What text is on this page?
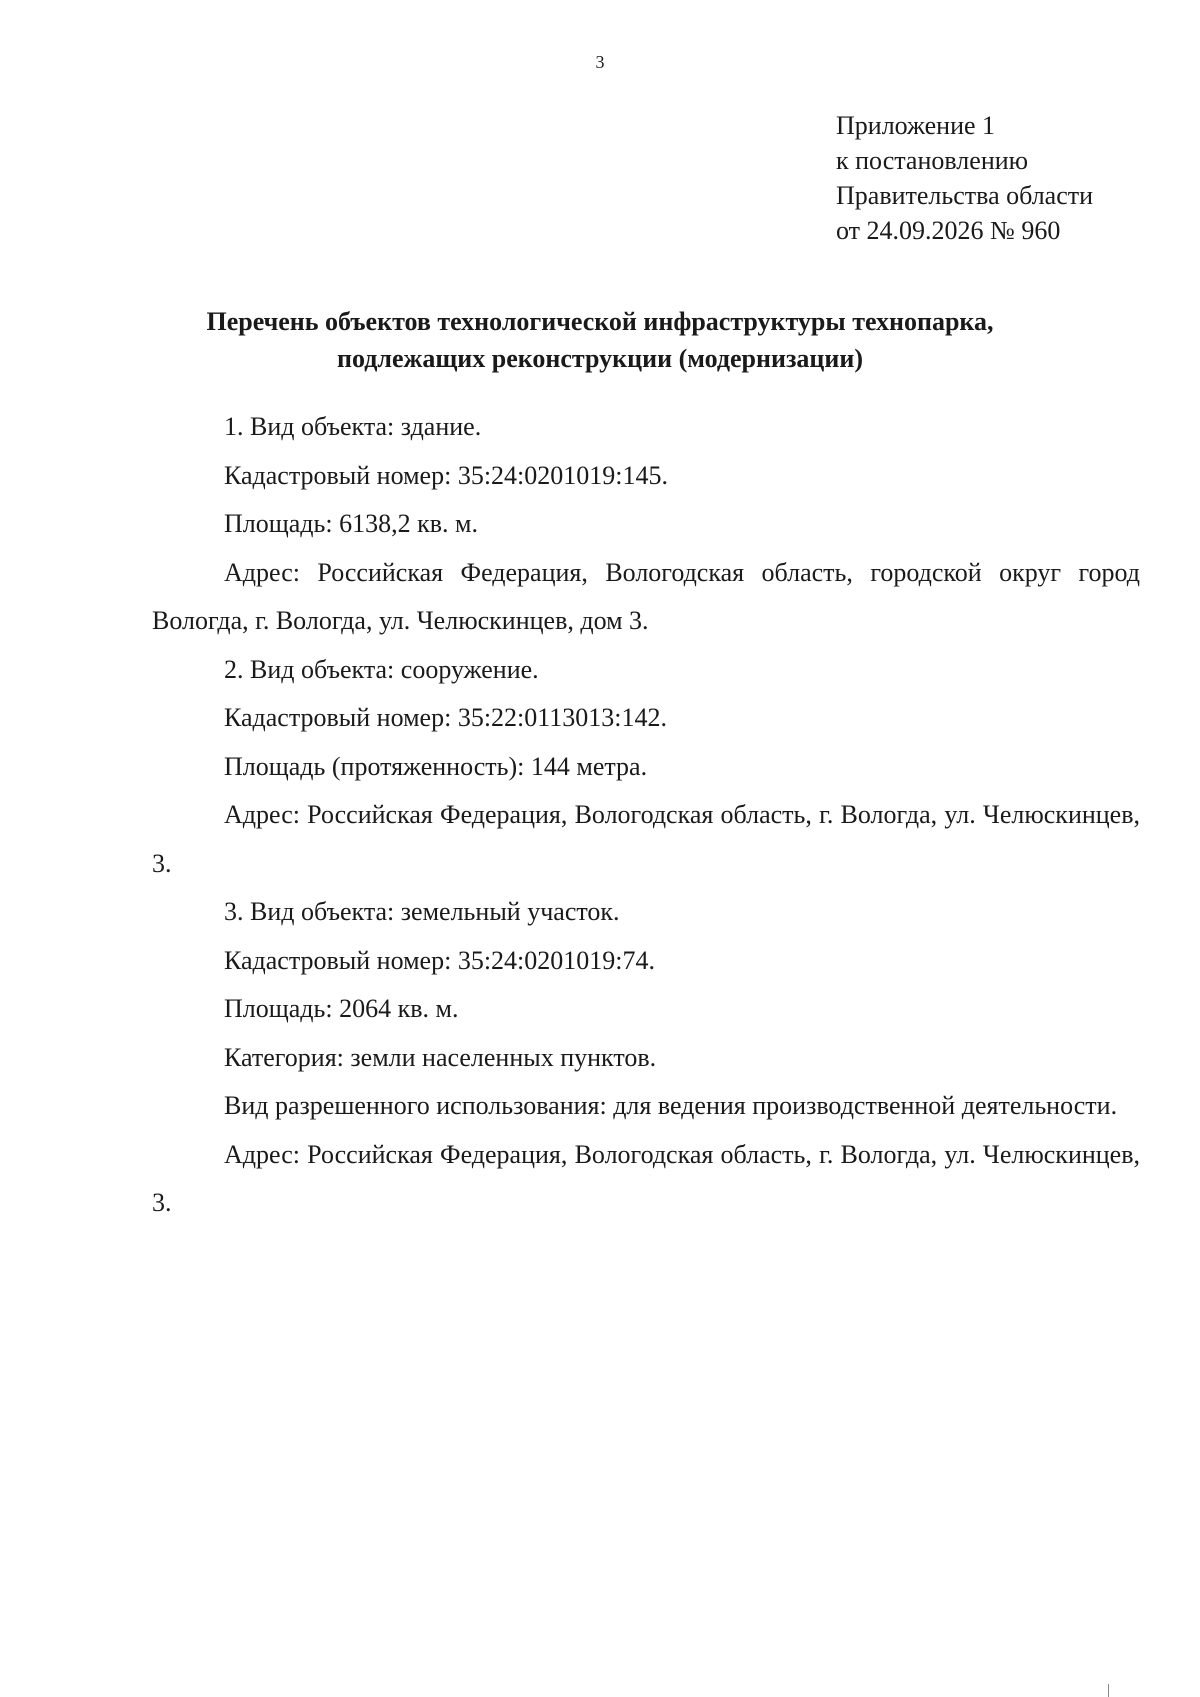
3
Приложение 1
к постановлению
Правительства области
от 24.09.2026 № 960
Перечень объектов технологической инфраструктуры технопарка,
подлежащих реконструкции (модернизации)

1. Вид объекта: здание.

Кадастровый номер: 35:24:0201019:145.

Площадь: 6138,2 кв. м.

Адрес: Российская Федерация, Вологодская область, городской округ город Вологда, г. Вологда, ул. Челюскинцев, дом 3.

2. Вид объекта: сооружение.

Кадастровый номер: 35:22:0113013:142.

Площадь (протяженность): 144 метра.

Адрес: Российская Федерация, Вологодская область, г. Вологда, ул. Челюскинцев, 3.

3. Вид объекта: земельный участок.

Кадастровый номер: 35:24:0201019:74.

Площадь: 2064 кв. м.

Категория: земли населенных пунктов.

Вид разрешенного использования: для ведения производственной деятельности.

Адрес: Российская Федерация, Вологодская область, г. Вологда, ул. Челюскинцев, 3.
